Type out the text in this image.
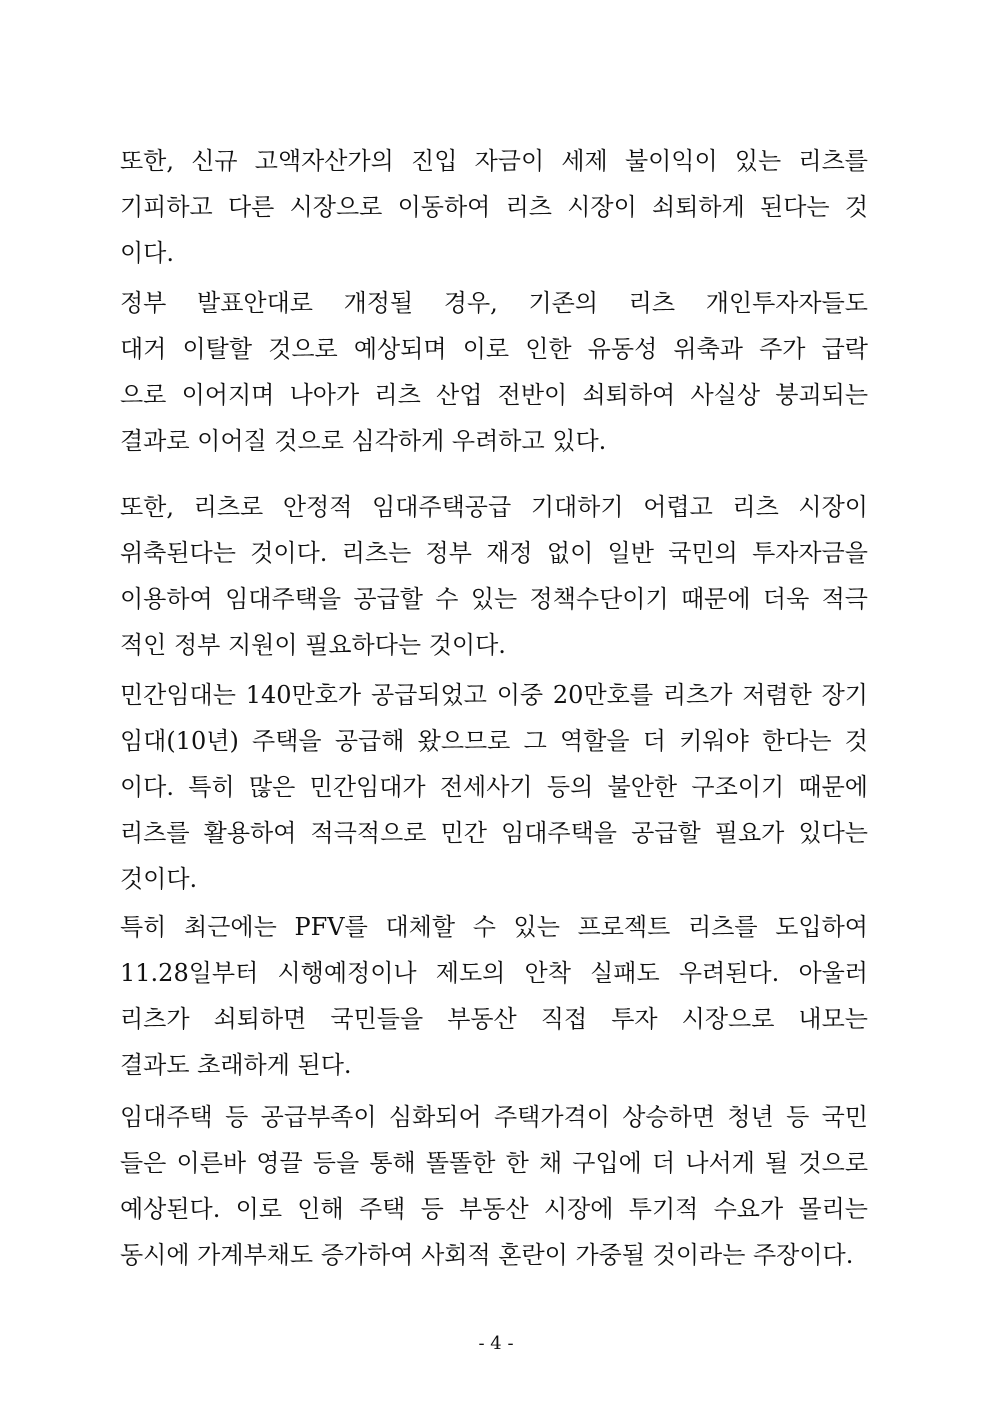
또한, 신규 고액자산가의 진입 자금이 세제 불이익이 있는 리츠를
기피하고 다른 시장으로 이동하여 리츠 시장이 쇠퇴하게 된다는 것
이다.
정부 발표안대로 개정될 경우, 기존의 리츠 개인투자자들도
대거 이탈할 것으로 예상되며 이로 인한 유동성 위축과 주가 급락
으로 이어지며 나아가 리츠 산업 전반이 쇠퇴하여 사실상 붕괴되는
결과로 이어질 것으로 심각하게 우려하고 있다.
또한, 리츠로 안정적 임대주택공급 기대하기 어렵고 리츠 시장이
위축된다는 것이다. 리츠는 정부 재정 없이 일반 국민의 투자자금을
이용하여 임대주택을 공급할 수 있는 정책수단이기 때문에 더욱 적극
적인 정부 지원이 필요하다는 것이다.
민간임대는 140만호가 공급되었고 이중 20만호를 리츠가 저렴한 장기
임대(10년) 주택을 공급해 왔으므로 그 역할을 더 키워야 한다는 것
이다. 특히 많은 민간임대가 전세사기 등의 불안한 구조이기 때문에
리츠를 활용하여 적극적으로 민간 임대주택을 공급할 필요가 있다는
것이다.
특히 최근에는 PFV를 대체할 수 있는 프로젝트 리츠를 도입하여
11.28일부터 시행예정이나 제도의 안착 실패도 우려된다. 아울러
리츠가 쇠퇴하면 국민들을 부동산 직접 투자 시장으로 내모는
결과도 초래하게 된다.
임대주택 등 공급부족이 심화되어 주택가격이 상승하면 청년 등 국민
들은 이른바 영끌 등을 통해 똘똘한 한 채 구입에 더 나서게 될 것으로
예상된다. 이로 인해 주택 등 부동산 시장에 투기적 수요가 몰리는
동시에 가계부채도 증가하여 사회적 혼란이 가중될 것이라는 주장이다.
- 4 -
